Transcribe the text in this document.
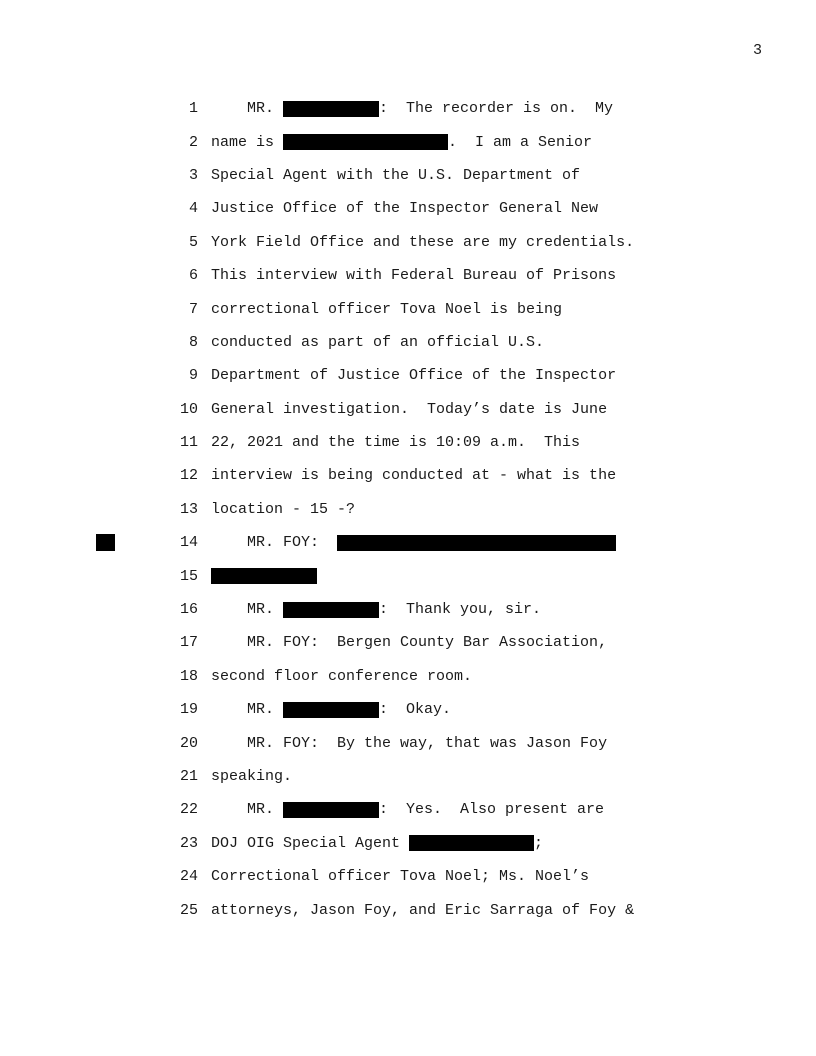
3
1 MR.	:  The recorder is on.  My
2 name is	.  I am a Senior
3 Special Agent with the U.S. Department of
4 Justice Office of the Inspector General New
5 York Field Office and these are my credentials.
6 This interview with Federal Bureau of Prisons
7 correctional officer Tova Noel is being
8 conducted as part of an official U.S.
9 Department of Justice Office of the Inspector
10 General investigation.  Today’s date is June
11 22, 2021 and the time is 10:09 a.m.  This
12 interview is being conducted at - what is the
13 location - 15 -?
14 MR. FOY:
15
16 MR.	:  Thank you, sir.
17 MR. FOY:  Bergen County Bar Association,
18 second floor conference room.
19 MR.	:  Okay.
20 MR. FOY:  By the way, that was Jason Foy
21 speaking.
22 MR.	:  Yes.  Also present are
23 DOJ OIG Special Agent	;
24 Correctional officer Tova Noel; Ms. Noel’s
25 attorneys, Jason Foy, and Eric Sarraga of Foy &
